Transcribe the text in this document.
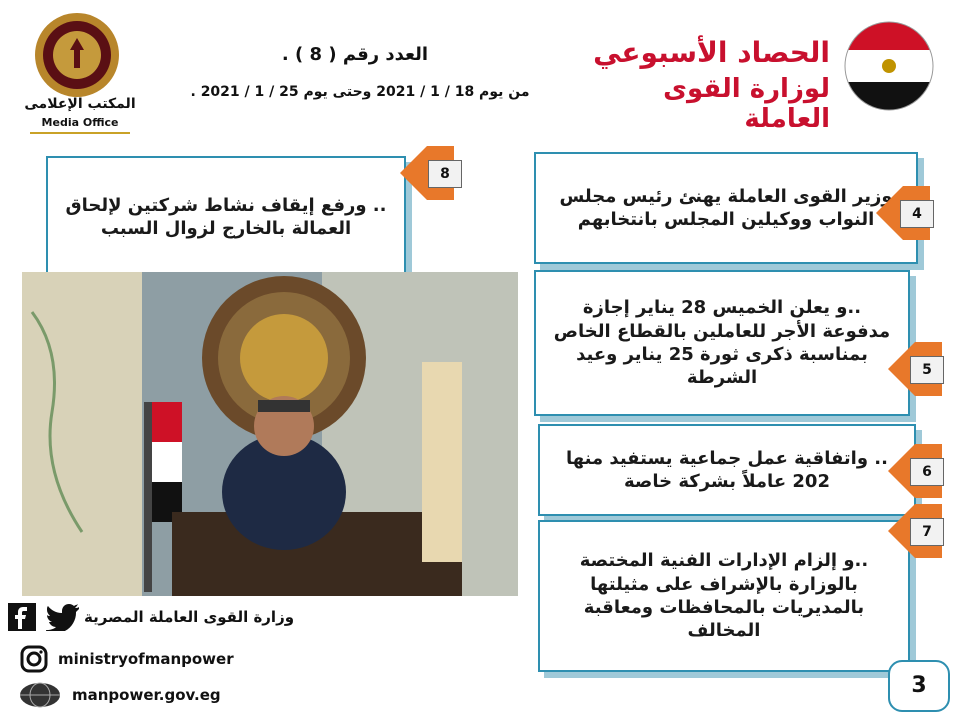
المكتب الإعلامى
Media Office
العدد رقم ( 8 ) .
من يوم 18 / 1 / 2021 وحتى يوم 25 / 1 / 2021 .
الحصاد الأسبوعي
لوزارة القوى العاملة
.. ورفع إيقاف نشاط شركتين لإلحاق العمالة بالخارج لزوال السبب
8
وزير القوى العاملة يهنئ رئيس مجلس النواب ووكيلين المجلس بانتخابهم	4
..و يعلن الخميس 28 يناير إجازة مدفوعة الأجر للعاملين بالقطاع الخاص بمناسبة ذكرى ثورة 25 يناير وعيد الشرطة	5
.. واتفاقية عمل جماعية يستفيد منها 202 عاملاً بشركة خاصة	6
..و إلزام الإدارات الفنية المختصة بالوزارة بالإشراف على مثيلتها بالمديريات بالمحافظات ومعاقبة المخالف
7
وزارة القوى العاملة المصرية
ministryofmanpower
manpower.gov.eg	3
